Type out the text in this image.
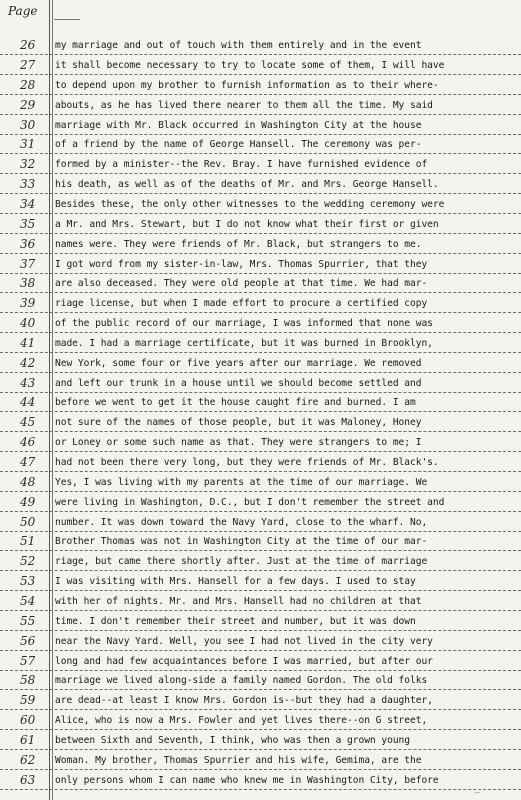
Page
26	my marriage and out of touch with them entirely and in the event
27	it shall become necessary to try to locate some of them, I will have
28	to depend upon my brother to furnish information as to their where-
29	abouts, as he has lived there nearer to them all the time. My said
30	marriage with Mr. Black occurred in Washington City at the house
31	of a friend by the name of George Hansell. The ceremony was per-
32	formed by a minister--the Rev. Bray. I have furnished evidence of
33	his death, as well as of the deaths of Mr. and Mrs. George Hansell.
34	Besides these, the only other witnesses to the wedding ceremony were
35	a Mr. and Mrs. Stewart, but I do not know what their first or given
36	names were. They were friends of Mr. Black, but strangers to me.
37	I got word from my sister-in-law, Mrs. Thomas Spurrier, that they
38	are also deceased. They were old people at that time. We had mar-
39	riage license, but when I made effort to procure a certified copy
40	of the public record of our marriage, I was informed that none was
41	made. I had a marriage certificate, but it was burned in Brooklyn,
42	New York, some four or five years after our marriage. We removed
43	and left our trunk in a house until we should become settled and
44	before we went to get it the house caught fire and burned. I am
45	not sure of the names of those people, but it was Maloney, Honey
46	or Loney or some such name as that. They were strangers to me; I
47	had not been there very long, but they were friends of Mr. Black's.
48	Yes, I was living with my parents at the time of our marriage. We
49	were living in Washington, D.C., but I don't remember the street and
50	number. It was down toward the Navy Yard, close to the wharf. No,
51	Brother Thomas was not in Washington City at the time of our mar-
52	riage, but came there shortly after. Just at the time of marriage
53	I was visiting with Mrs. Hansell for a few days. I used to stay
54	with her of nights. Mr. and Mrs. Hansell had no children at that
55	time. I don't remember their street and number, but it was down
56	near the Navy Yard. Well, you see I had not lived in the city very
57	long and had few acquaintances before I was married, but after our
58	marriage we lived along-side a family named Gordon. The old folks
59	are dead--at least I know Mrs. Gordon is--but they had a daughter,
60	Alice, who is now a Mrs. Fowler and yet lives there--on G street,
61	between Sixth and Seventh, I think, who was then a grown young
62	Woman. My brother, Thomas Spurrier and his wife, Gemima, are the
63	only persons whom I can name who knew me in Washington City, before
—
